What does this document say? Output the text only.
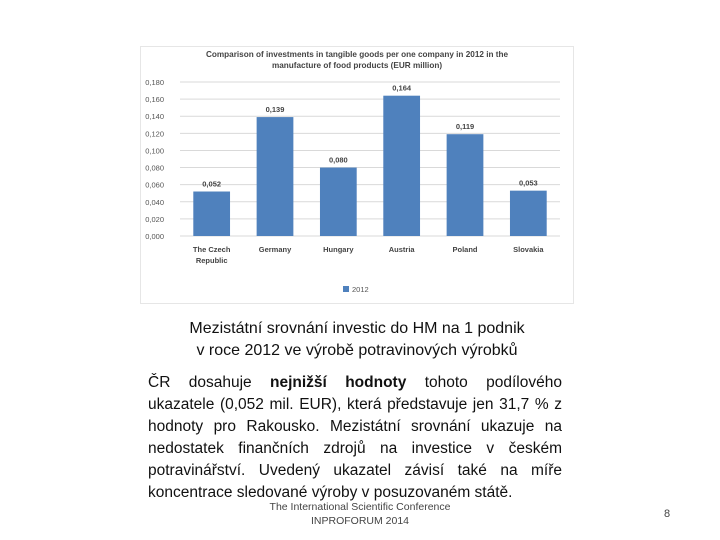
Comparison of investments in tangible goods per one company in 2012 in the
manufacture of food products (EUR million)
0,000
0,020
0,040
0,060
0,080
0,100
0,120
0,140
0,160
0,180
0,052
The Czech
Republic
0,139
Germany
0,080
Hungary
0,164
Austria
0,119
Poland
0,053
Slovakia
2012
Mezistátní srovnání investic do HM na 1 podnik
v roce 2012 ve výrobě potravinových výrobků
ČR dosahuje nejnižší hodnoty tohoto podílového ukazatele (0,052 mil. EUR), která představuje jen 31,7 % z hodnoty pro Rakousko. Mezistátní srovnání ukazuje na nedostatek finančních zdrojů na investice v českém potravinářství. Uvedený ukazatel závisí také na míře koncentrace sledované výroby v posuzovaném státě.
The International Scientific Conference
INPROFORUM 2014
8
